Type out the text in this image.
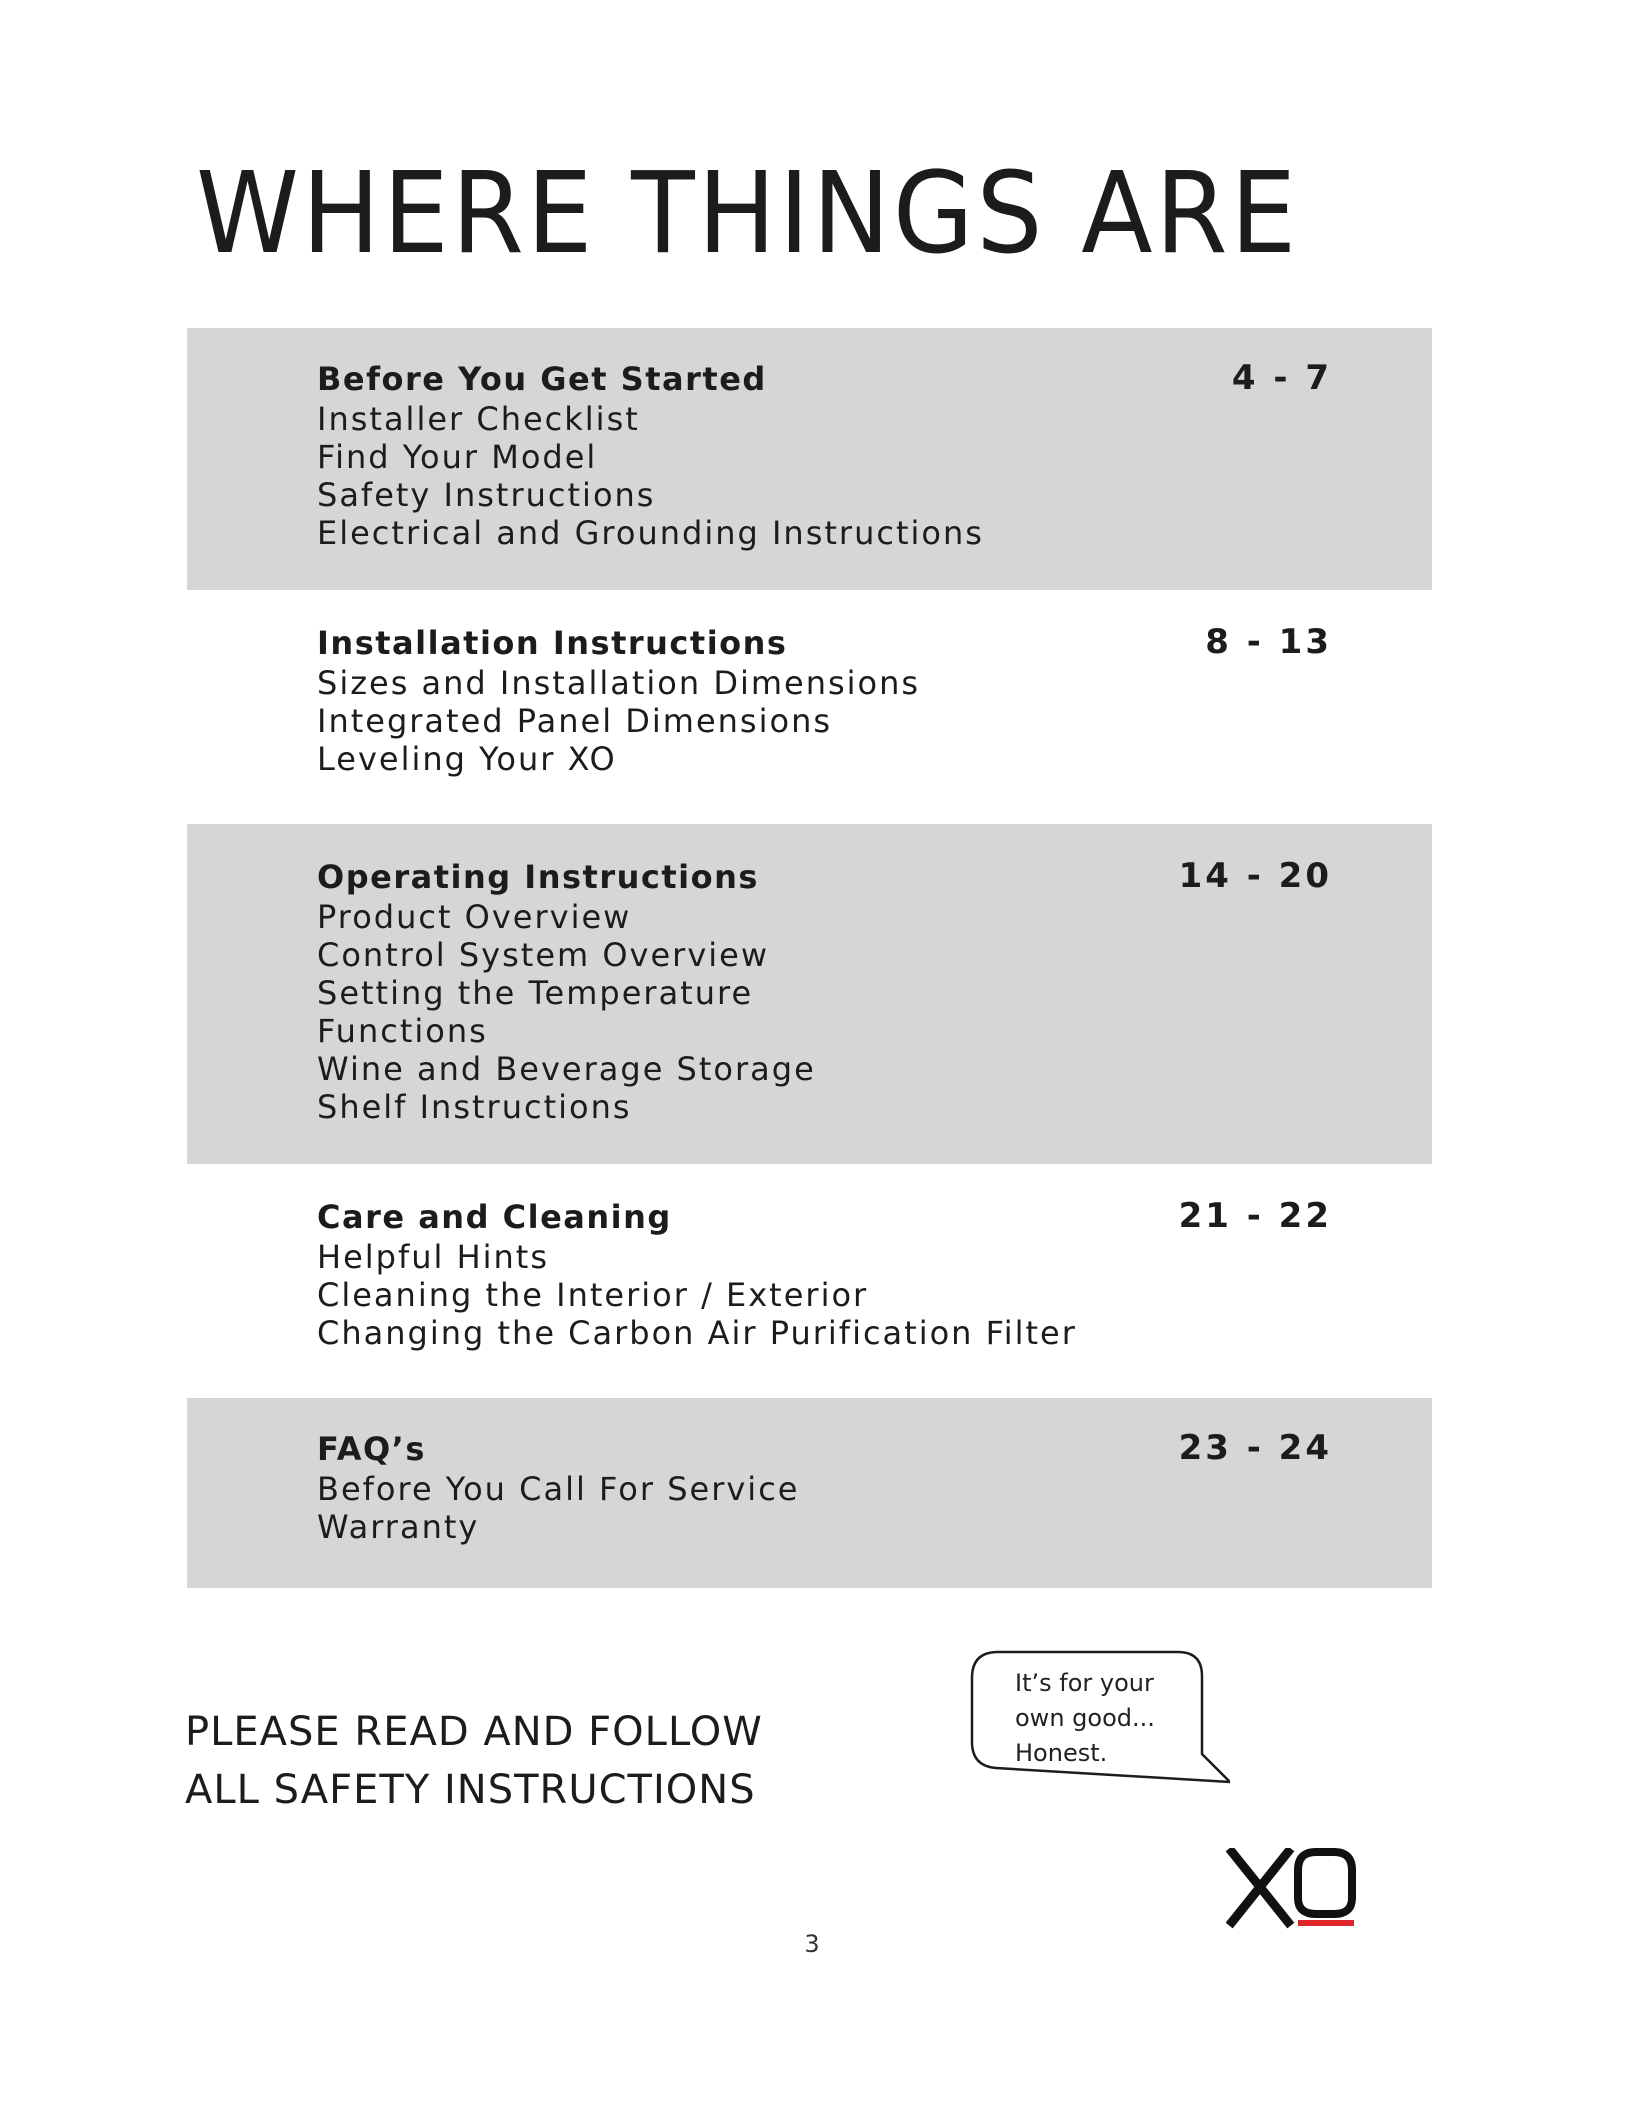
WHERE THINGS ARE
Before You Get Started
Installer Checklist
Find Your Model
Safety Instructions
Electrical and Grounding Instructions
4 - 7
Installation Instructions
Sizes and Installation Dimensions
Integrated Panel Dimensions
Leveling Your XO
8 - 13
Operating Instructions
Product Overview
Control System Overview
Setting the Temperature
Functions
Wine and Beverage Storage
Shelf Instructions
14 - 20
Care and Cleaning
Helpful Hints
Cleaning the Interior / Exterior
Changing the Carbon Air Purification Filter
21 - 22
FAQ’s
Before You Call For Service
Warranty
23 - 24
PLEASE READ AND FOLLOW
ALL SAFETY INSTRUCTIONS
It’s for your
own good...
Honest.
3
